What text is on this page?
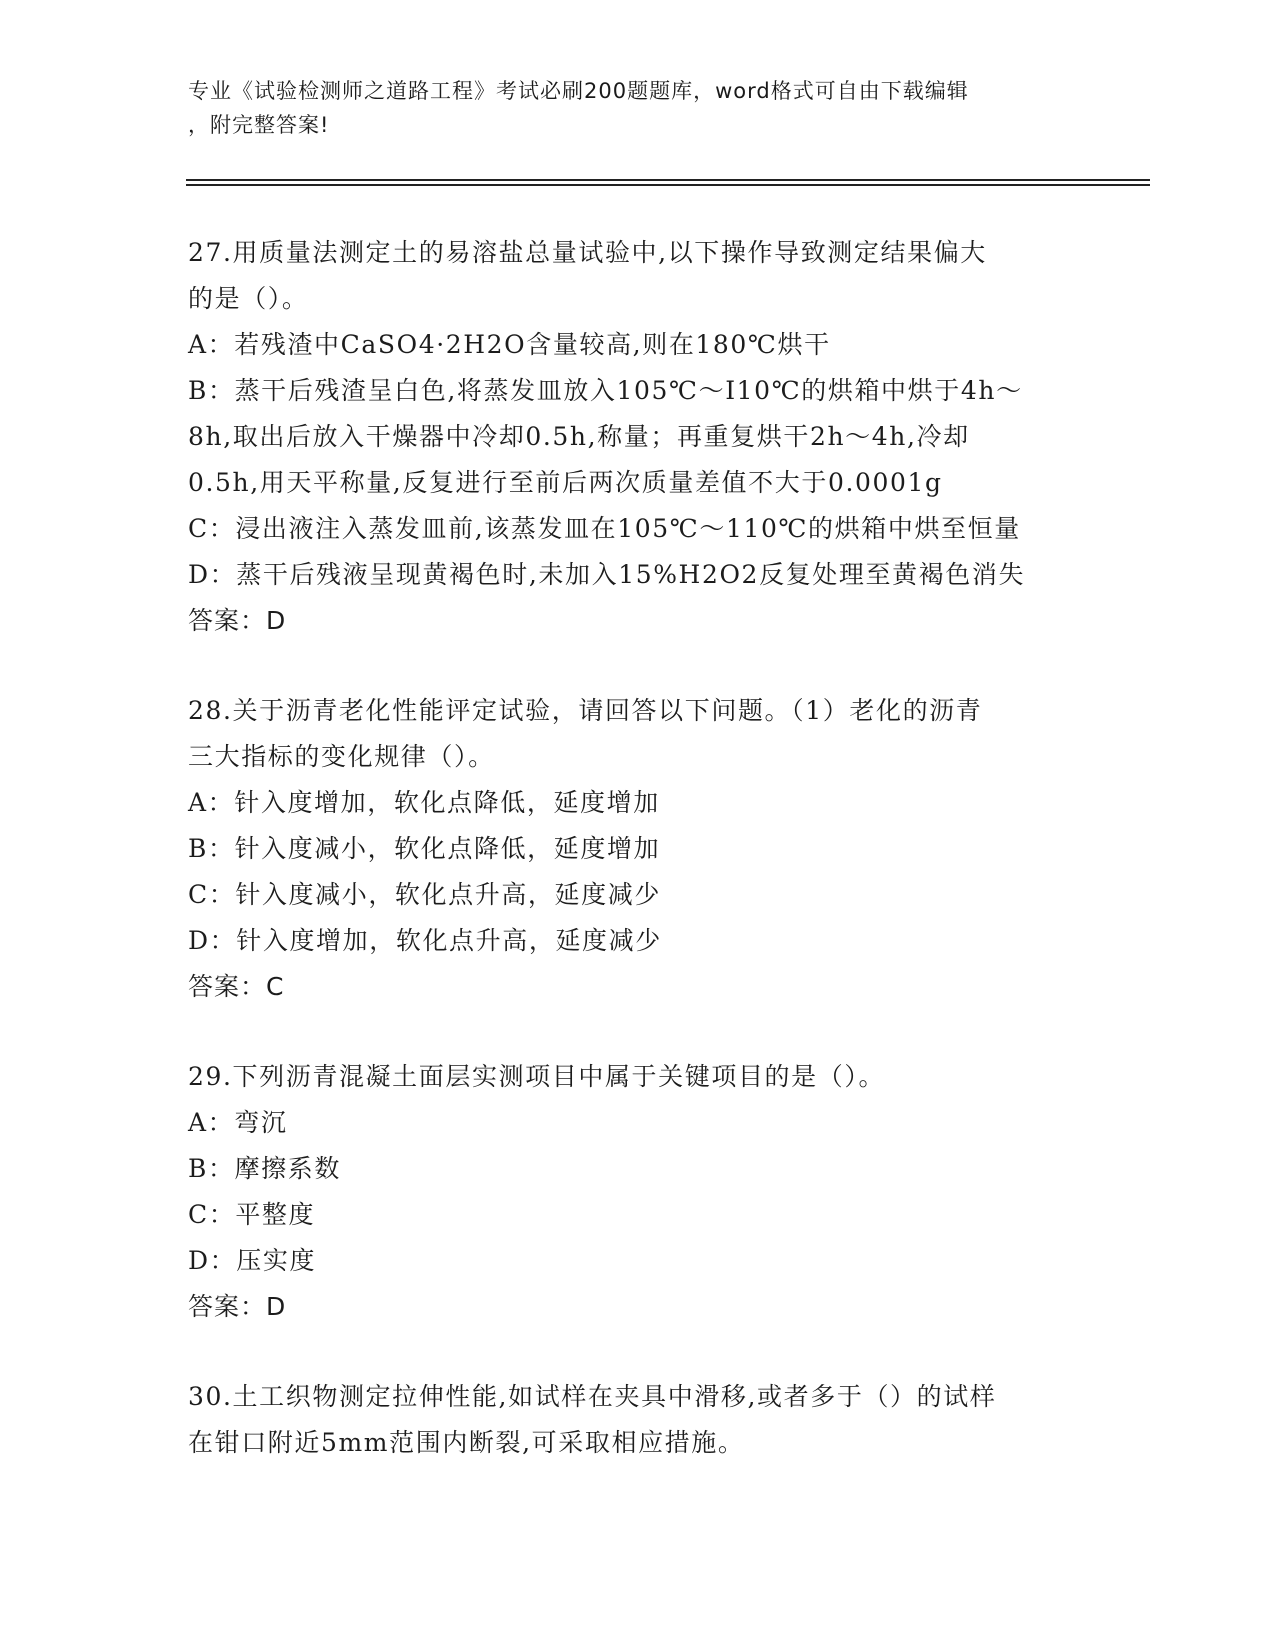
专业《试验检测师之道路工程》考试必刷200题题库，word格式可自由下载编辑
，附完整答案!
27.用质量法测定土的易溶盐总量试验中,以下操作导致测定结果偏大
的是（）。
A：若残渣中CaSO4·2H2O含量较高,则在180℃烘干
B：蒸干后残渣呈白色,将蒸发皿放入105℃～I10℃的烘箱中烘于4h～
8h,取出后放入干燥器中冷却0.5h,称量；再重复烘干2h～4h,冷却
0.5h,用天平称量,反复进行至前后两次质量差值不大于0.0001g
C：浸出液注入蒸发皿前,该蒸发皿在105℃～110℃的烘箱中烘至恒量
D：蒸干后残液呈现黄褐色时,未加入15%H2O2反复处理至黄褐色消失
答案：D
28.关于沥青老化性能评定试验，请回答以下问题。（1）老化的沥青
三大指标的变化规律（）。
A：针入度增加，软化点降低，延度增加
B：针入度减小，软化点降低，延度增加
C：针入度减小，软化点升高，延度减少
D：针入度增加，软化点升高，延度减少
答案：C
29.下列沥青混凝土面层实测项目中属于关键项目的是（）。
A：弯沉
B：摩擦系数
C：平整度
D：压实度
答案：D
30.土工织物测定拉伸性能,如试样在夹具中滑移,或者多于（）的试样
在钳口附近5mm范围内断裂,可采取相应措施。
